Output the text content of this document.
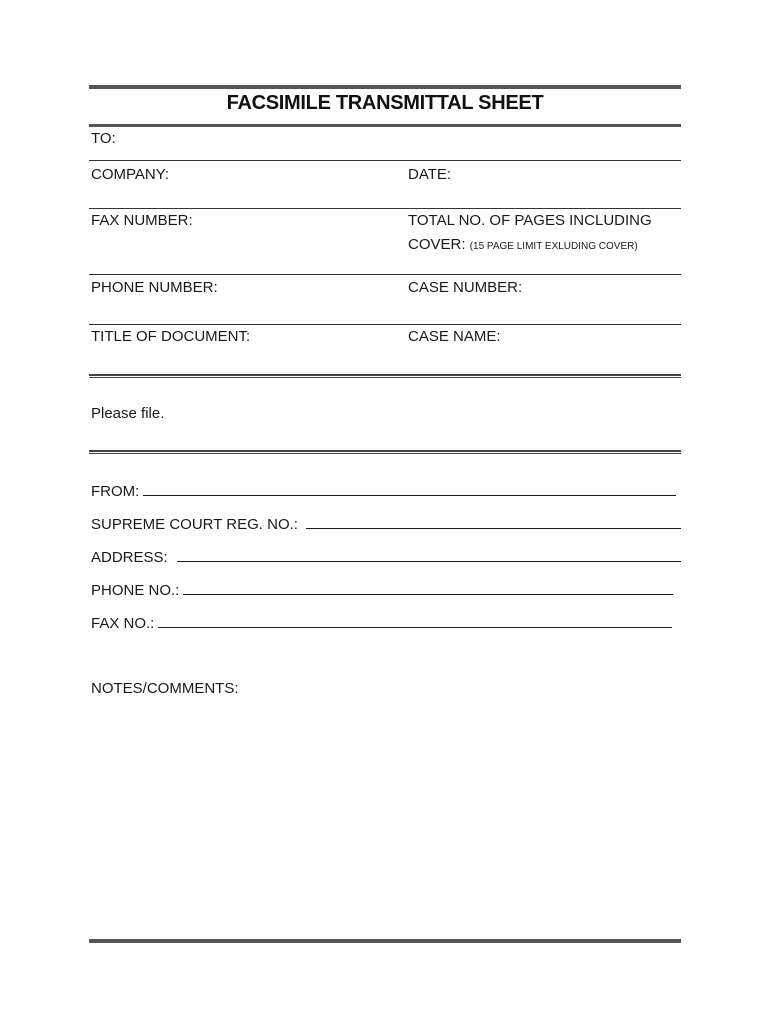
FACSIMILE TRANSMITTAL SHEET
TO:
COMPANY:	DATE:
FAX NUMBER:	TOTAL NO. OF PAGES INCLUDING
COVER: (15 PAGE LIMIT EXLUDING COVER)
PHONE NUMBER:	CASE NUMBER:
TITLE OF DOCUMENT:	CASE NAME:
Please file.
FROM:
SUPREME COURT REG. NO.:
ADDRESS:
PHONE NO.:
FAX NO.:
NOTES/COMMENTS:
